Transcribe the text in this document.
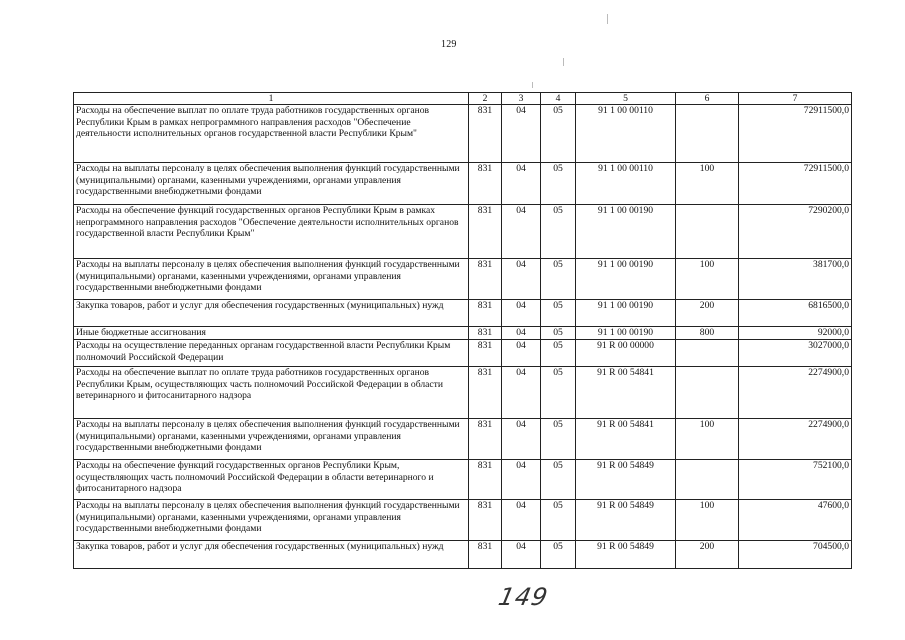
129
1	2	3	4	5	6	7
Расходы на обеспечение выплат по оплате труда работников государственных органов Республики Крым в рамках непрограммного направления расходов "Обеспечение деятельности исполнительных органов государственной власти Республики Крым"	831	04	05	91 1 00 00110		72911500,0
Расходы на выплаты персоналу в целях обеспечения выполнения функций государственными (муниципальными) органами, казенными учреждениями, органами управления государственными внебюджетными фондами	831	04	05	91 1 00 00110	100	72911500,0
Расходы на обеспечение функций государственных органов Республики Крым в рамках непрограммного направления расходов "Обеспечение деятельности исполнительных органов государственной власти Республики Крым"	831	04	05	91 1 00 00190		7290200,0
Расходы на выплаты персоналу в целях обеспечения выполнения функций государственными (муниципальными) органами, казенными учреждениями, органами управления государственными внебюджетными фондами	831	04	05	91 1 00 00190	100	381700,0
Закупка товаров, работ и услуг для обеспечения государственных (муниципальных) нужд	831	04	05	91 1 00 00190	200	6816500,0
Иные бюджетные ассигнования	831	04	05	91 1 00 00190	800	92000,0
Расходы на осуществление переданных органам государственной власти Республики Крым полномочий Российской Федерации	831	04	05	91 R 00 00000		3027000,0
Расходы на обеспечение выплат по оплате труда работников государственных органов Республики Крым, осуществляющих часть полномочий Российской Федерации в области ветеринарного и фитосанитарного надзора	831	04	05	91 R 00 54841		2274900,0
Расходы на выплаты персоналу в целях обеспечения выполнения функций государственными (муниципальными) органами, казенными учреждениями, органами управления государственными внебюджетными фондами	831	04	05	91 R 00 54841	100	2274900,0
Расходы на обеспечение функций государственных органов Республики Крым, осуществляющих часть полномочий Российской Федерации в области ветеринарного и фитосанитарного надзора	831	04	05	91 R 00 54849		752100,0
Расходы на выплаты персоналу в целях обеспечения выполнения функций государственными (муниципальными) органами, казенными учреждениями, органами управления государственными внебюджетными фондами	831	04	05	91 R 00 54849	100	47600,0
Закупка товаров, работ и услуг для обеспечения государственных (муниципальных) нужд	831	04	05	91 R 00 54849	200	704500,0
149
